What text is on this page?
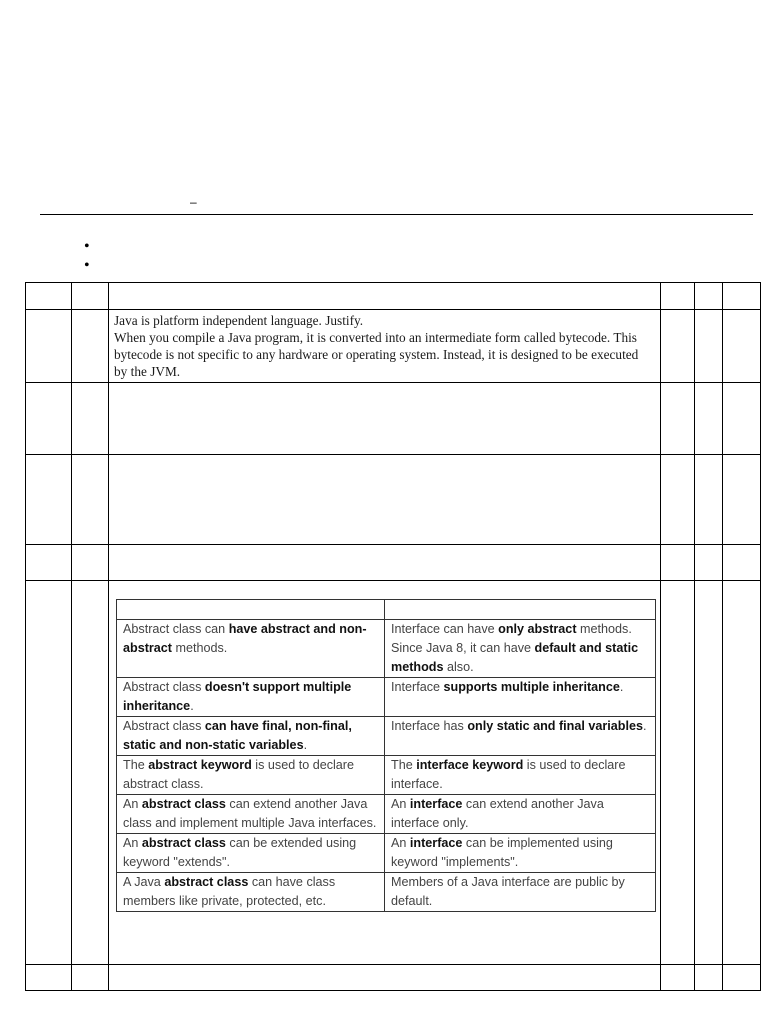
–
•
•

Java is platform independent language. Justify.

When you compile a Java program, it is converted into an intermediate form called bytecode. This bytecode is not specific to any hardware or operating system. Instead, it is designed to be executed by the JVM.

Abstract class can have abstract and non-abstract methods.	Interface can have only abstract methods. Since Java 8, it can have default and static methods also.
Abstract class doesn't support multiple inheritance.	Interface supports multiple inheritance.
Abstract class can have final, non-final, static and non-static variables.	Interface has only static and final variables.
The abstract keyword is used to declare abstract class.	The interface keyword is used to declare interface.
An abstract class can extend another Java class and implement multiple Java interfaces.	An interface can extend another Java interface only.
An abstract class can be extended using keyword "extends".	An interface can be implemented using keyword "implements".
A Java abstract class can have class members like private, protected, etc.	Members of a Java interface are public by default.
